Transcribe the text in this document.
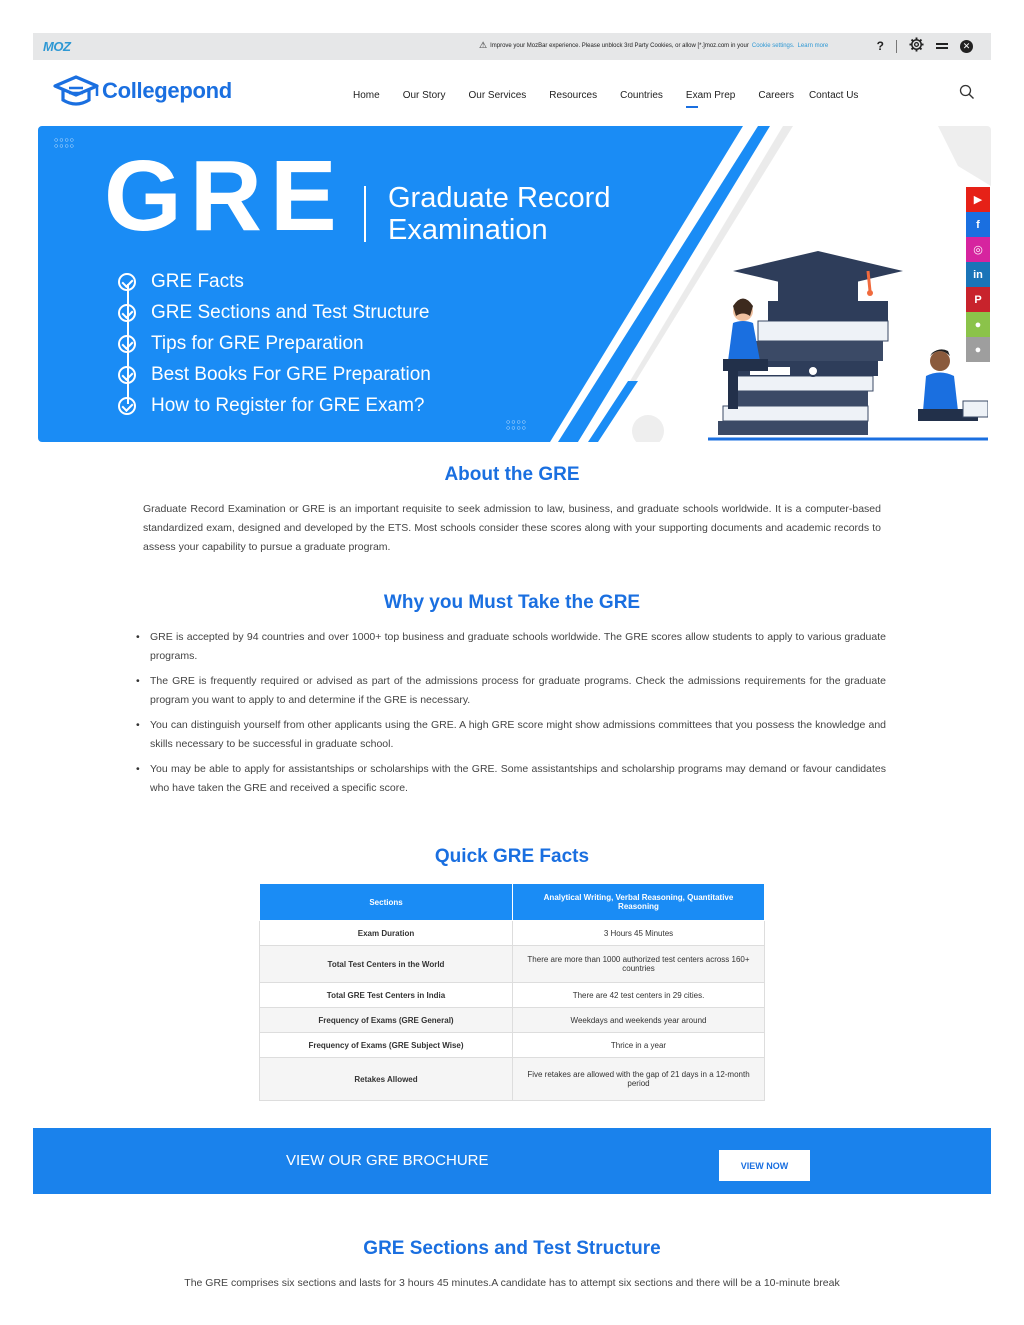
MOZ	⚠ Improve your MozBar experience. Please unblock 3rd Party Cookies, or allow [*.]moz.com in your Cookie settings. Learn more	?	✕
Collegepond	Home Our Story Our Services Resources Countries Exam Prep Careers Contact Us
○○○○
○○○○
○○○○
○○○○
GRE Graduate Record
Examination
GRE Facts
GRE Sections and Test Structure
Tips for GRE Preparation
Best Books For GRE Preparation
How to Register for GRE Exam?
▶
f
◎
in
P
●
●
About the GRE

Graduate Record Examination or GRE is an important requisite to seek admission to law, business, and graduate schools worldwide. It is a computer-based standardized exam, designed and developed by the ETS. Most schools consider these scores along with your supporting documents and academic records to assess your capability to pursue a graduate program.

Why you Must Take the GRE
• GRE is accepted by 94 countries and over 1000+ top business and graduate schools worldwide. The GRE scores allow students to apply to various graduate programs.
• The GRE is frequently required or advised as part of the admissions process for graduate programs. Check the admissions requirements for the graduate program you want to apply to and determine if the GRE is necessary.
• You can distinguish yourself from other applicants using the GRE. A high GRE score might show admissions committees that you possess the knowledge and skills necessary to be successful in graduate school.
• You may be able to apply for assistantships or scholarships with the GRE. Some assistantships and scholarship programs may demand or favour candidates who have taken the GRE and received a specific score.
Quick GRE Facts
Sections	Analytical Writing, Verbal Reasoning, Quantitative Reasoning
Exam Duration	3 Hours 45 Minutes
Total Test Centers in the World	There are more than 1000 authorized test centers across 160+ countries
Total GRE Test Centers in India	There are 42 test centers in 29 cities.
Frequency of Exams (GRE General)	Weekdays and weekends year around
Frequency of Exams (GRE Subject Wise)	Thrice in a year
Retakes Allowed	Five retakes are allowed with the gap of 21 days in a 12-month period
VIEW OUR GRE BROCHURE	VIEW NOW
GRE Sections and Test Structure

The GRE comprises six sections and lasts for 3 hours 45 minutes.A candidate has to attempt six sections and there will be a 10-minute break
